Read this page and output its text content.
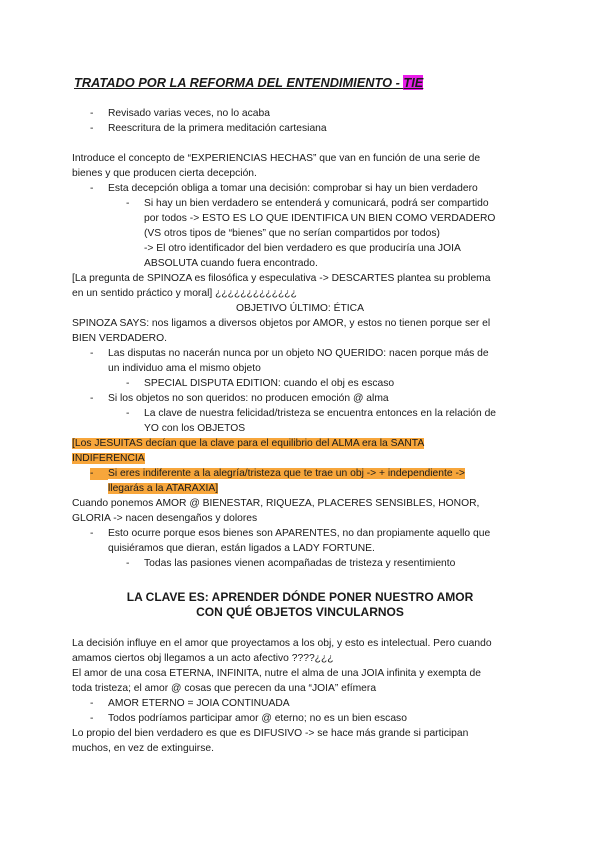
TRATADO POR LA REFORMA DEL ENTENDIMIENTO - TIE
- Revisado varias veces, no lo acaba
- Reescritura de la primera meditación cartesiana
Introduce el concepto de “EXPERIENCIAS HECHAS” que van en función de una serie de
bienes y que producen cierta decepción.
- Esta decepción obliga a tomar una decisión: comprobar si hay un bien verdadero
- Si hay un bien verdadero se entenderá y comunicará, podrá ser compartido
por todos -> ESTO ES LO QUE IDENTIFICA UN BIEN COMO VERDADERO
(VS otros tipos de “bienes” que no serían compartidos por todos)
-> El otro identificador del bien verdadero es que produciría una JOIA
ABSOLUTA cuando fuera encontrado.
[La pregunta de SPINOZA es filosófica y especulativa -> DESCARTES plantea su problema
en un sentido práctico y moral] ¿¿¿¿¿¿¿¿¿¿¿¿¿
OBJETIVO ÚLTIMO: ÉTICA
SPINOZA SAYS: nos ligamos a diversos objetos por AMOR, y estos no tienen porque ser el
BIEN VERDADERO.
- Las disputas no nacerán nunca por un objeto NO QUERIDO: nacen porque más de
un individuo ama el mismo objeto
- SPECIAL DISPUTA EDITION: cuando el obj es escaso
- Si los objetos no son queridos: no producen emoción @ alma
- La clave de nuestra felicidad/tristeza se encuentra entonces en la relación de
YO con los OBJETOS
[Los JESUITAS decían que la clave para el equilibrio del ALMA era la SANTA
INDIFERENCIA
-	Si eres indiferente a la alegría/tristeza que te trae un obj -> + independiente ->
llegarás a la ATARAXIA]
Cuando ponemos AMOR @ BIENESTAR, RIQUEZA, PLACERES SENSIBLES, HONOR,
GLORIA -> nacen desengaños y dolores
- Esto ocurre porque esos bienes son APARENTES, no dan propiamente aquello que
quisiéramos que dieran, están ligados a LADY FORTUNE.
- Todas las pasiones vienen acompañadas de tristeza y resentimiento
LA CLAVE ES: APRENDER DÓNDE PONER NUESTRO AMOR
CON QUÉ OBJETOS VINCULARNOS
La decisión influye en el amor que proyectamos a los obj, y esto es intelectual. Pero cuando
amamos ciertos obj llegamos a un acto afectivo ????¿¿¿
El amor de una cosa ETERNA, INFINITA, nutre el alma de una JOIA infinita y exempta de
toda tristeza; el amor @ cosas que perecen da una “JOIA” efímera
- AMOR ETERNO = JOIA CONTINUADA
- Todos podríamos participar amor @ eterno; no es un bien escaso
Lo propio del bien verdadero es que es DIFUSIVO -> se hace más grande si participan
muchos, en vez de extinguirse.
